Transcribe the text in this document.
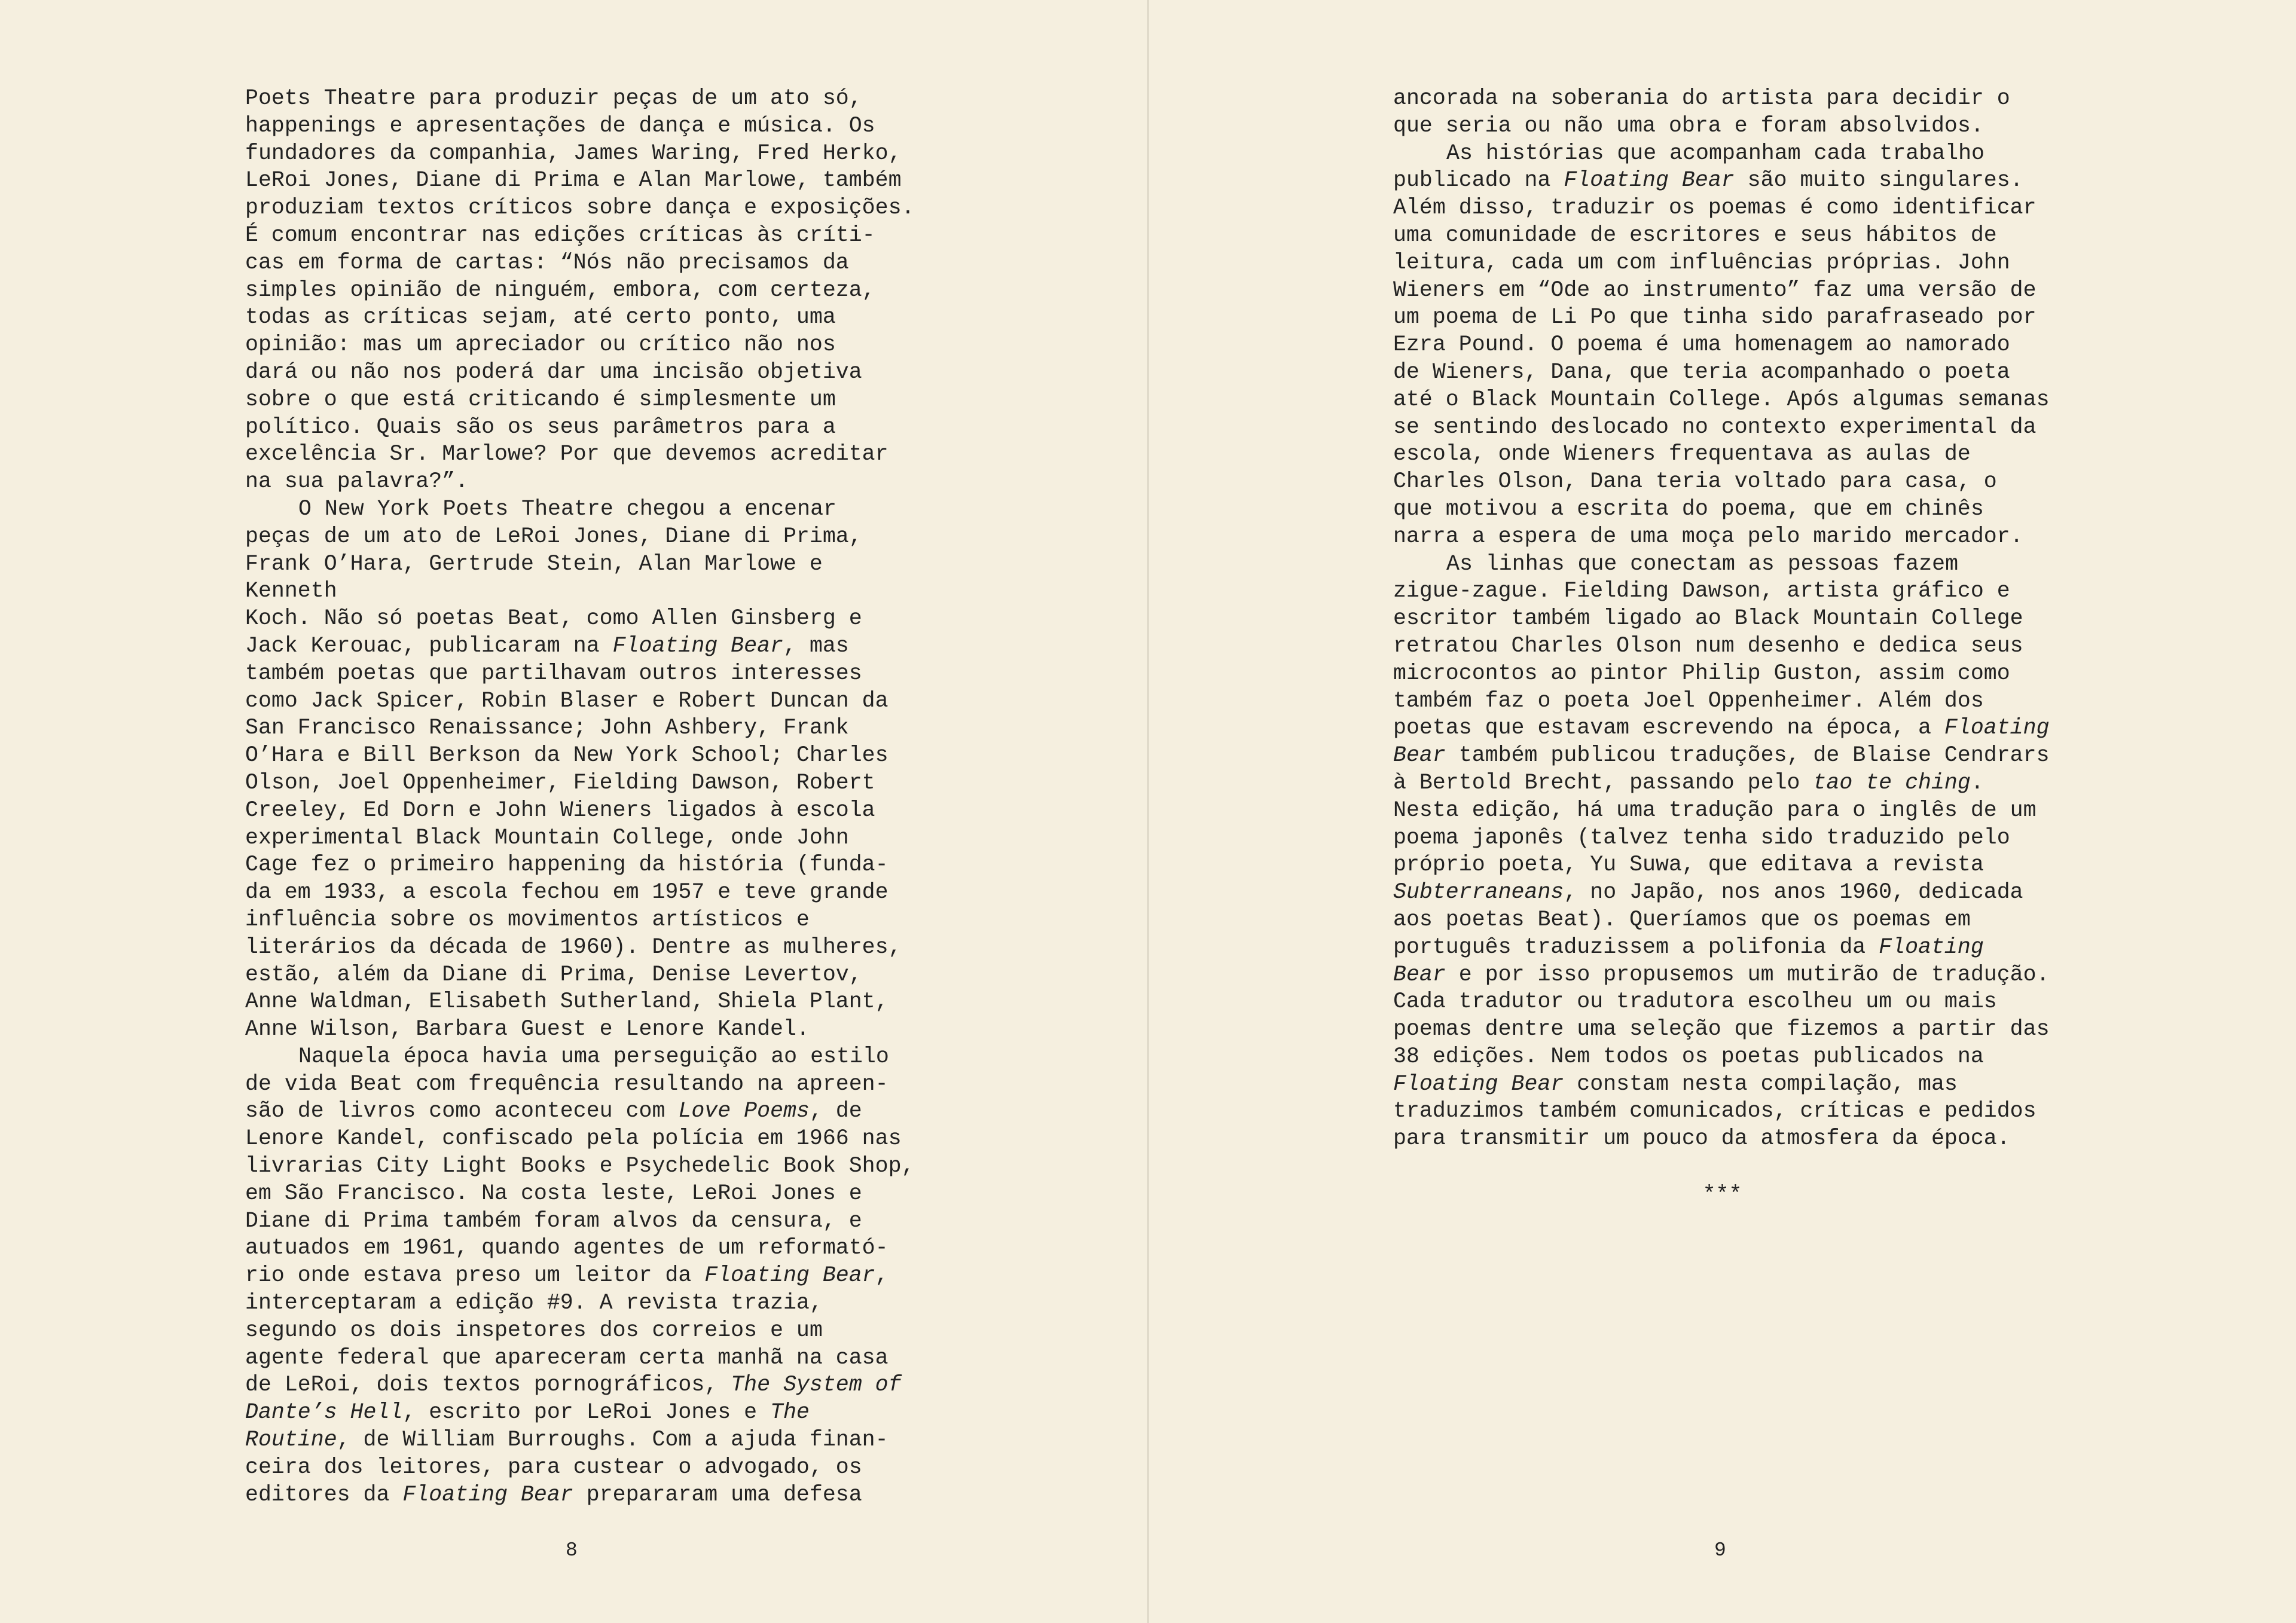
Poets Theatre para produzir peças de um ato só,
happenings e apresentações de dança e música. Os
fundadores da companhia, James Waring, Fred Herko,
LeRoi Jones, Diane di Prima e Alan Marlowe, também
produziam textos críticos sobre dança e exposições.
É comum encontrar nas edições críticas às críti-
cas em forma de cartas: “Nós não precisamos da
simples opinião de ninguém, embora, com certeza,
todas as críticas sejam, até certo ponto, uma
opinião: mas um apreciador ou crítico não nos
dará ou não nos poderá dar uma incisão objetiva
sobre o que está criticando é simplesmente um
político. Quais são os seus parâmetros para a
excelência Sr. Marlowe? Por que devemos acreditar
na sua palavra?”.

O New York Poets Theatre chegou a encenar
peças de um ato de LeRoi Jones, Diane di Prima,
Frank O’Hara, Gertrude Stein, Alan Marlowe e Kenneth
Koch. Não só poetas Beat, como Allen Ginsberg e
Jack Kerouac, publicaram na Floating Bear, mas
também poetas que partilhavam outros interesses
como Jack Spicer, Robin Blaser e Robert Duncan da
San Francisco Renaissance; John Ashbery, Frank
O’Hara e Bill Berkson da New York School; Charles
Olson, Joel Oppenheimer, Fielding Dawson, Robert
Creeley, Ed Dorn e John Wieners ligados à escola
experimental Black Mountain College, onde John
Cage fez o primeiro happening da história (funda-
da em 1933, a escola fechou em 1957 e teve grande
influência sobre os movimentos artísticos e
literários da década de 1960). Dentre as mulheres,
estão, além da Diane di Prima, Denise Levertov,
Anne Waldman, Elisabeth Sutherland, Shiela Plant,
Anne Wilson, Barbara Guest e Lenore Kandel.

Naquela época havia uma perseguição ao estilo
de vida Beat com frequência resultando na apreen-
são de livros como aconteceu com Love Poems, de
Lenore Kandel, confiscado pela polícia em 1966 nas
livrarias City Light Books e Psychedelic Book Shop,
em São Francisco. Na costa leste, LeRoi Jones e
Diane di Prima também foram alvos da censura, e
autuados em 1961, quando agentes de um reformató-
rio onde estava preso um leitor da Floating Bear,
interceptaram a edição #9. A revista trazia,
segundo os dois inspetores dos correios e um
agente federal que apareceram certa manhã na casa
de LeRoi, dois textos pornográficos, The System of
Dante’s Hell, escrito por LeRoi Jones e The
Routine, de William Burroughs. Com a ajuda finan-
ceira dos leitores, para custear o advogado, os
editores da Floating Bear prepararam uma defesa

8

ancorada na soberania do artista para decidir o
que seria ou não uma obra e foram absolvidos.

As histórias que acompanham cada trabalho
publicado na Floating Bear são muito singulares.
Além disso, traduzir os poemas é como identificar
uma comunidade de escritores e seus hábitos de
leitura, cada um com influências próprias. John
Wieners em “Ode ao instrumento” faz uma versão de
um poema de Li Po que tinha sido parafraseado por
Ezra Pound. O poema é uma homenagem ao namorado
de Wieners, Dana, que teria acompanhado o poeta
até o Black Mountain College. Após algumas semanas
se sentindo deslocado no contexto experimental da
escola, onde Wieners frequentava as aulas de
Charles Olson, Dana teria voltado para casa, o
que motivou a escrita do poema, que em chinês
narra a espera de uma moça pelo marido mercador.

As linhas que conectam as pessoas fazem
zigue-zague. Fielding Dawson, artista gráfico e
escritor também ligado ao Black Mountain College
retratou Charles Olson num desenho e dedica seus
microcontos ao pintor Philip Guston, assim como
também faz o poeta Joel Oppenheimer. Além dos
poetas que estavam escrevendo na época, a Floating
Bear também publicou traduções, de Blaise Cendrars
à Bertold Brecht, passando pelo tao te ching.
Nesta edição, há uma tradução para o inglês de um
poema japonês (talvez tenha sido traduzido pelo
próprio poeta, Yu Suwa, que editava a revista
Subterraneans, no Japão, nos anos 1960, dedicada
aos poetas Beat). Queríamos que os poemas em
português traduzissem a polifonia da Floating
Bear e por isso propusemos um mutirão de tradução.
Cada tradutor ou tradutora escolheu um ou mais
poemas dentre uma seleção que fizemos a partir das
38 edições. Nem todos os poetas publicados na
Floating Bear constam nesta compilação, mas
traduzimos também comunicados, críticas e pedidos
para transmitir um pouco da atmosfera da época.

***
9
